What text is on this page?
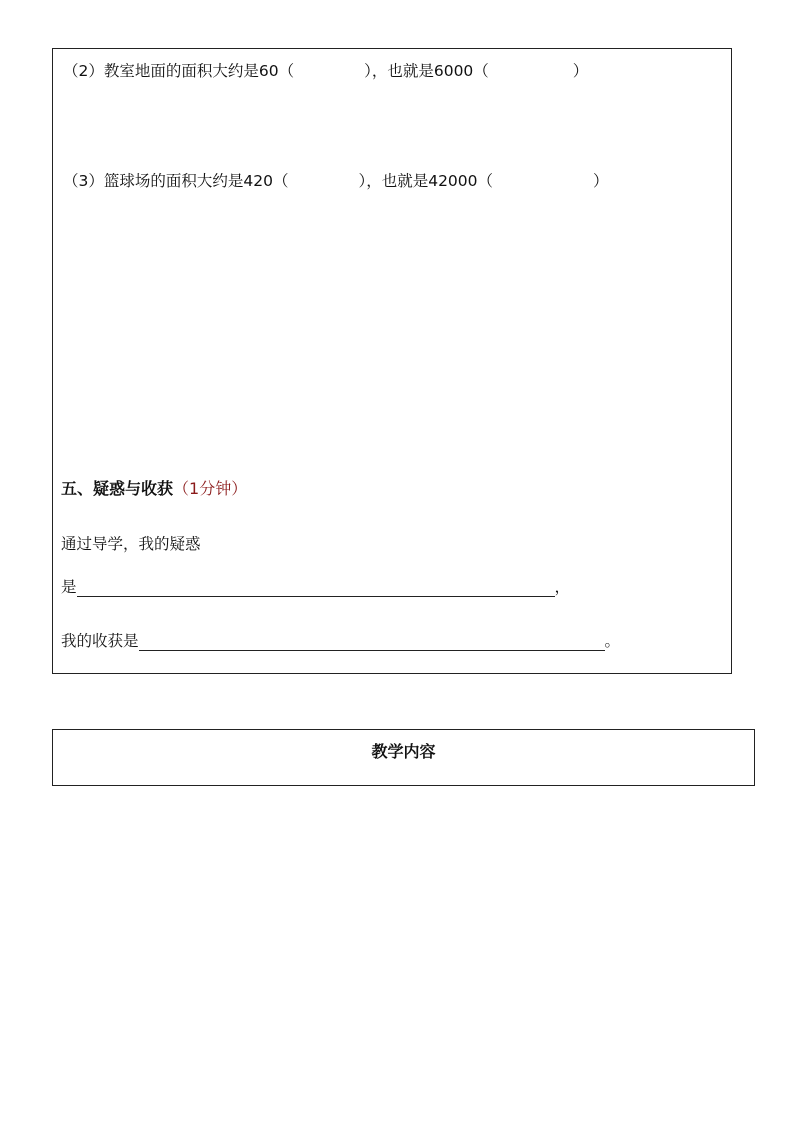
（2）教室地面的面积大约是60（	），也就是6000（	）
（3）篮球场的面积大约是420（	），也就是42000（	）
五、疑惑与收获（1分钟）
通过导学，我的疑惑
是	，
我的收获是	。
教学内容
